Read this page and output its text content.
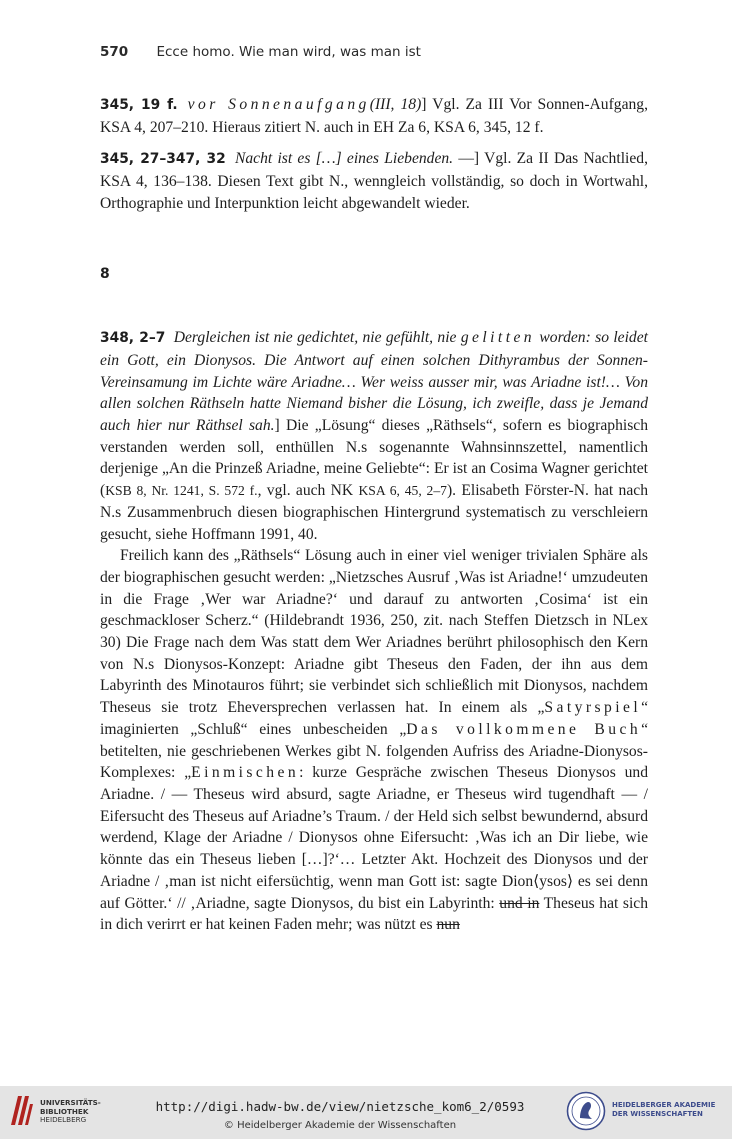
570 Ecce homo. Wie man wird, was man ist

345, 19 f. vor Sonnenaufgang(III, 18)] Vgl. Za III Vor Sonnen-Aufgang, KSA 4, 207–210. Hieraus zitiert N. auch in EH Za 6, KSA 6, 345, 12 f.

345, 27–347, 32 Nacht ist es […] eines Liebenden. —] Vgl. Za II Das Nachtlied, KSA 4, 136–138. Diesen Text gibt N., wenngleich vollständig, so doch in Wortwahl, Orthographie und Interpunktion leicht abgewandelt wieder.

8

348, 2–7 Dergleichen ist nie gedichtet, nie gefühlt, nie gelitten worden: so leidet ein Gott, ein Dionysos. Die Antwort auf einen solchen Dithyrambus der Sonnen-Vereinsamung im Lichte wäre Ariadne… Wer weiss ausser mir, was Ariadne ist!… Von allen solchen Räthseln hatte Niemand bisher die Lösung, ich zweifle, dass je Jemand auch hier nur Räthsel sah.] Die „Lösung“ dieses „Räthsels“, sofern es biographisch verstanden werden soll, enthüllen N.s sogenannte Wahnsinnszettel, namentlich derjenige „An die Prinzeß Ariadne, meine Geliebte“: Er ist an Cosima Wagner gerichtet (KSB 8, Nr. 1241, S. 572 f., vgl. auch NK KSA 6, 45, 2–7). Elisabeth Förster-N. hat nach N.s Zusammenbruch diesen biographischen Hintergrund systematisch zu verschleiern gesucht, siehe Hoffmann 1991, 40.

Freilich kann des „Räthsels“ Lösung auch in einer viel weniger trivialen Sphäre als der biographischen gesucht werden: „Nietzsches Ausruf ‚Was ist Ariadne!‘ umzudeuten in die Frage ‚Wer war Ariadne?‘ und darauf zu antworten ‚Cosima‘ ist ein geschmackloser Scherz.“ (Hildebrandt 1936, 250, zit. nach Steffen Dietzsch in NLex 30) Die Frage nach dem Was statt dem Wer Ariadnes berührt philosophisch den Kern von N.s Dionysos-Konzept: Ariadne gibt Theseus den Faden, der ihn aus dem Labyrinth des Minotauros führt; sie verbindet sich schließlich mit Dionysos, nachdem Theseus sie trotz Eheversprechen verlassen hat. In einem als „Satyrspiel“ imaginierten „Schluß“ eines unbescheiden „Das vollkommene Buch“ betitelten, nie geschriebenen Werkes gibt N. folgenden Aufriss des Ariadne-Dionysos-Komplexes: „Einmischen: kurze Gespräche zwischen Theseus Dionysos und Ariadne. / — Theseus wird absurd, sagte Ariadne, er Theseus wird tugendhaft — / Eifersucht des Theseus auf Ariadne’s Traum. / der Held sich selbst bewundernd, absurd werdend, Klage der Ariadne / Dionysos ohne Eifersucht: ‚Was ich an Dir liebe, wie könnte das ein Theseus lieben […]?‘… Letzter Akt. Hochzeit des Dionysos und der Ariadne / ‚man ist nicht eifersüchtig, wenn man Gott ist: sagte Dion⟨ysos⟩ es sei denn auf Götter.‘ // ‚Ariadne, sagte Dionysos, du bist ein Labyrinth: und in Theseus hat sich in dich verirrt er hat keinen Faden mehr; was nützt es nun

UNIVERSITÄTS-
BIBLIOTHEK
HEIDELBERG
http://digi.hadw-bw.de/view/nietzsche_kom6_2/0593
© Heidelberger Akademie der Wissenschaften
HEIDELBERGER AKADEMIE
DER WISSENSCHAFTEN
